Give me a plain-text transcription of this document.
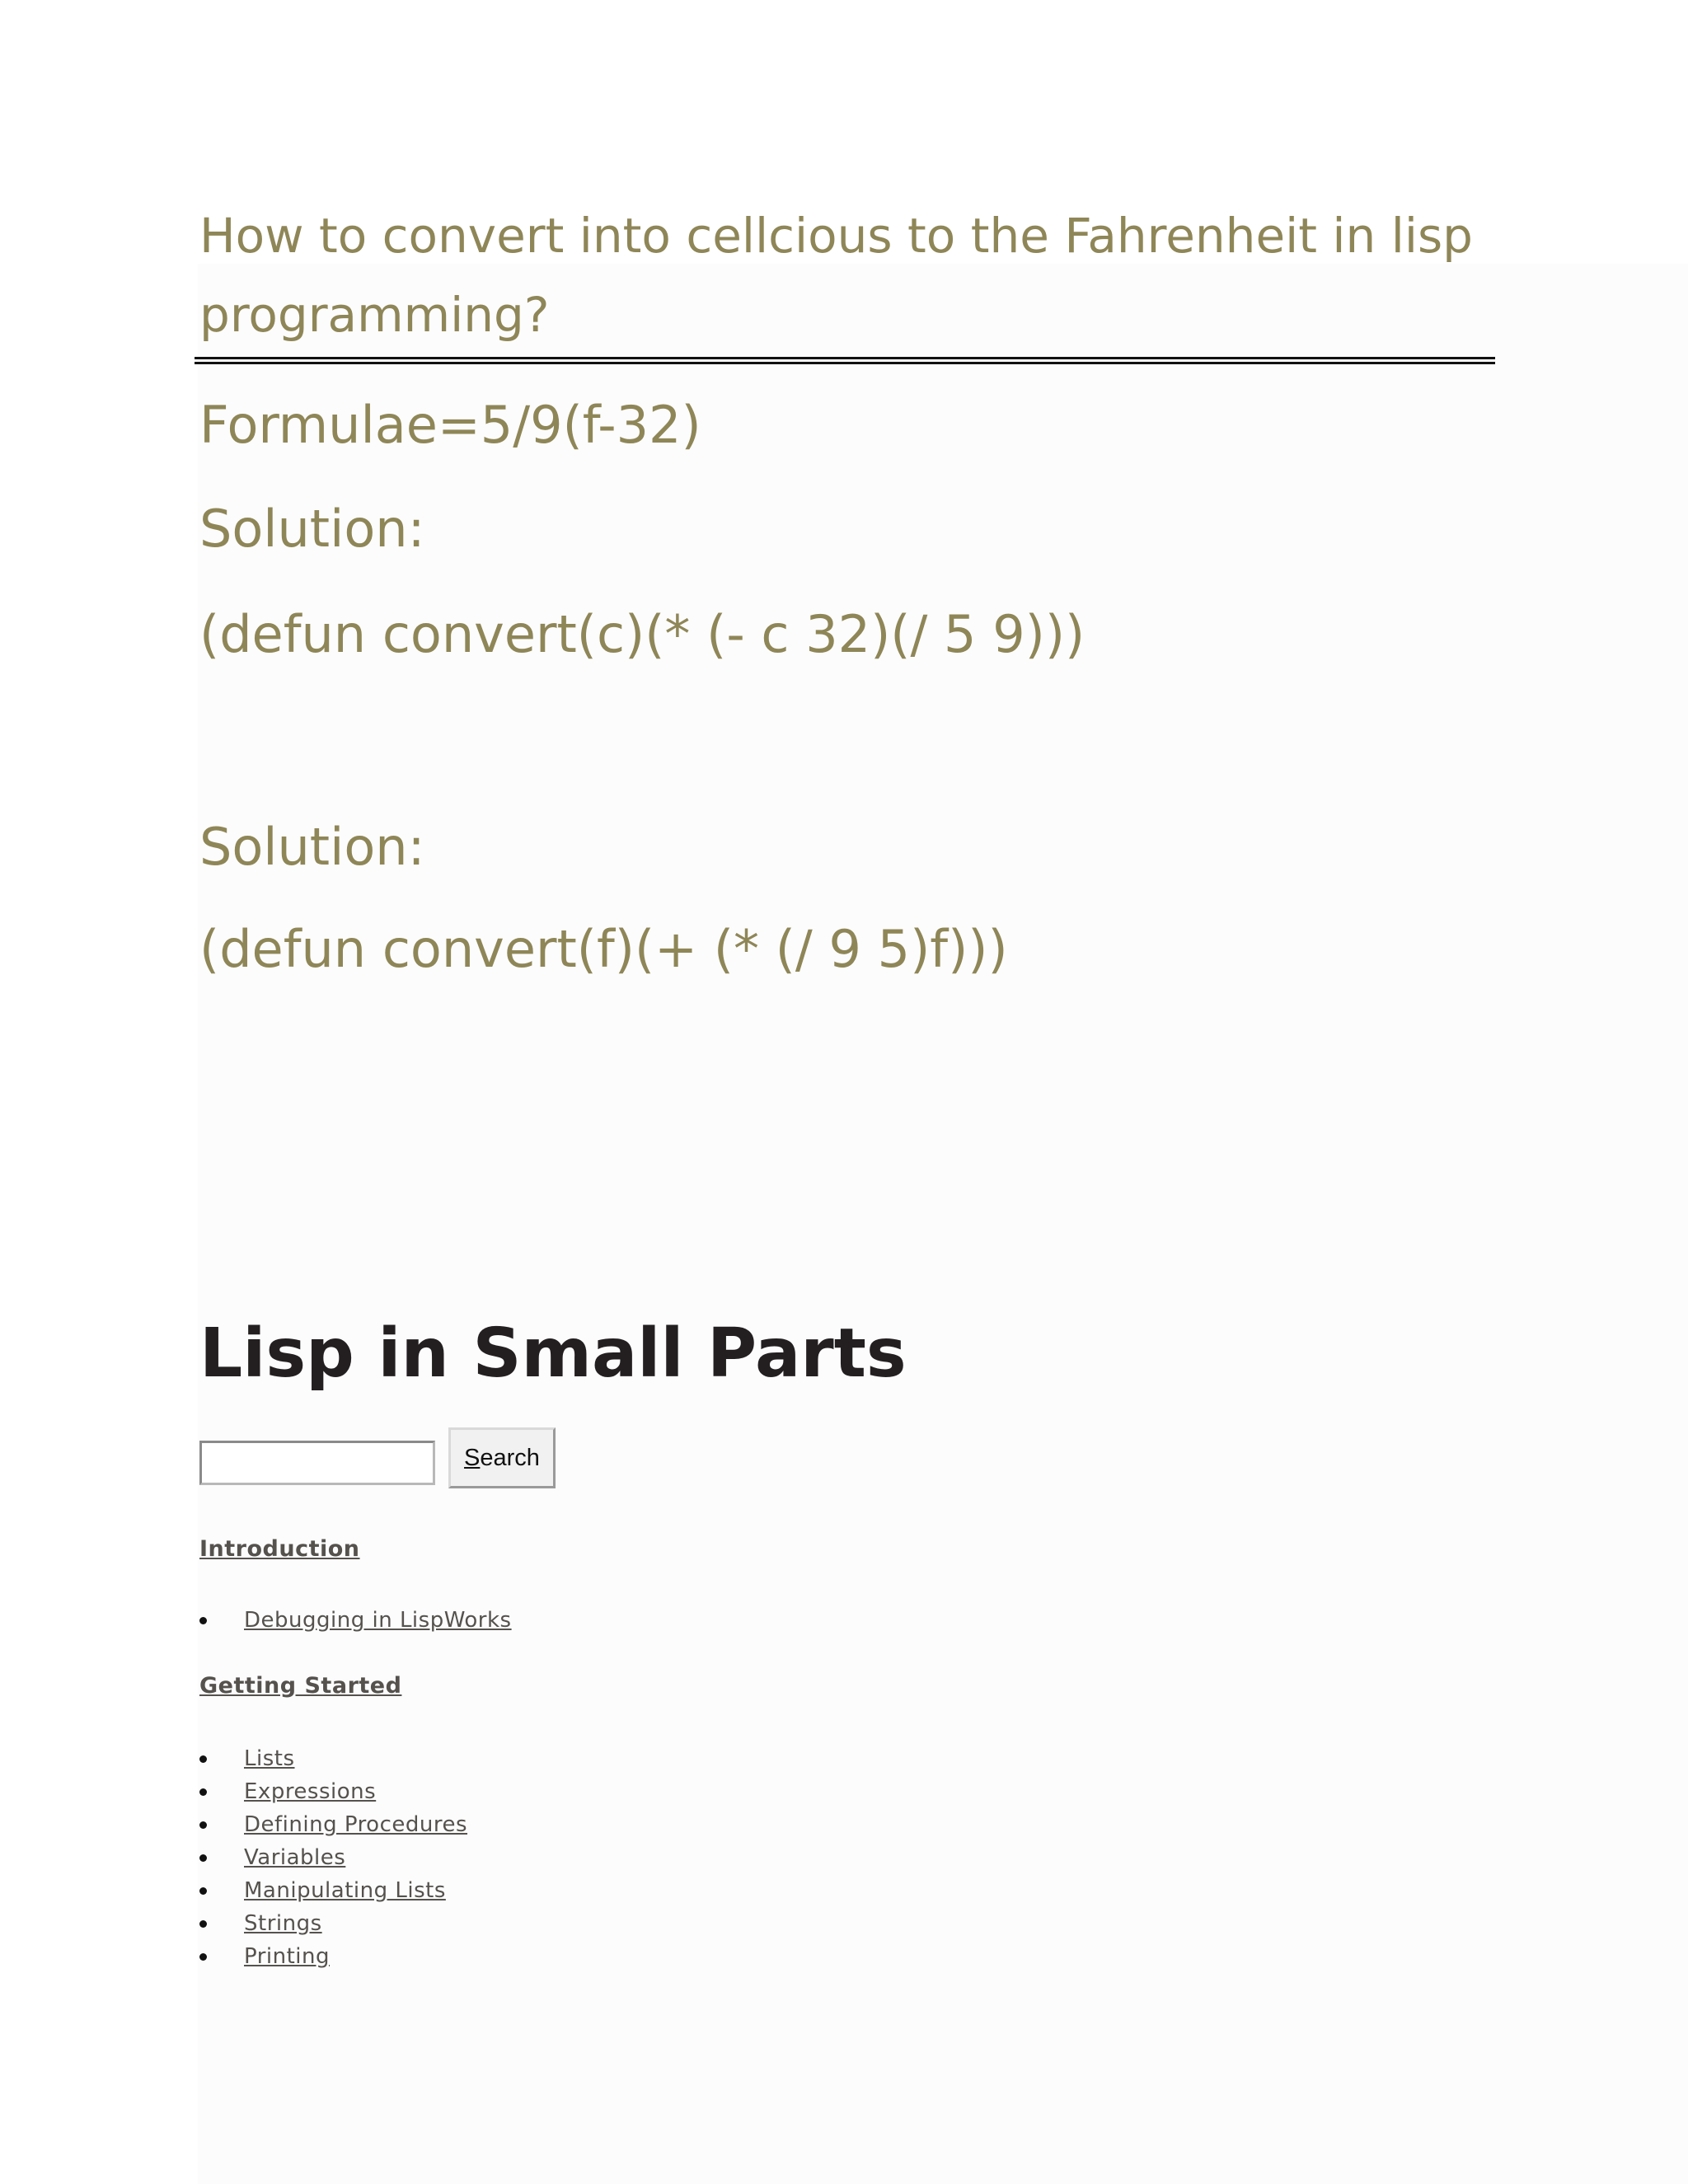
How to convert into cellcious to the Fahrenheit in lisp programming?

Formulae=5/9(f-32)

Solution:

(defun convert(c)(* (- c 32)(/ 5 9)))

Solution:

(defun convert(f)(+ (* (/ 9 5)f)))

Lisp in Small Parts
Search

Introduction

Debugging in LispWorks

Getting Started

Lists
Expressions
Defining Procedures
Variables
Manipulating Lists
Strings
Printing
